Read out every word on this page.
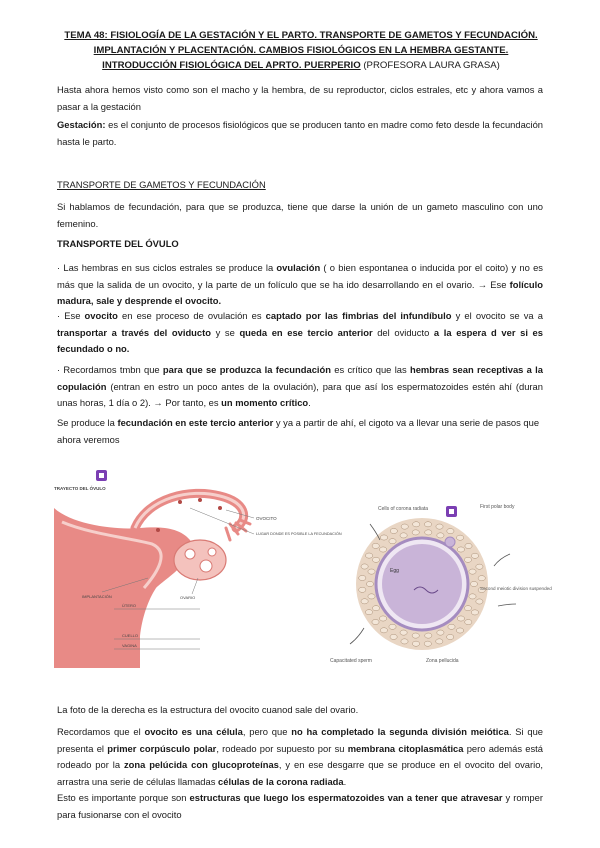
TEMA 48: FISIOLOGÍA DE LA GESTACIÓN Y EL PARTO. TRANSPORTE DE GAMETOS Y FECUNDACIÓN. IMPLANTACIÓN Y PLACENTACIÓN. CAMBIOS FISIOLÓGICOS EN LA HEMBRA GESTANTE. INTRODUCCIÓN FISIOLÓGICA DEL APRTO. PUERPERIO (PROFESORA LAURA GRASA)

Hasta ahora hemos visto como son el macho y la hembra, de su reproductor, ciclos estrales, etc y ahora vamos a pasar a la gestación

Gestación: es el conjunto de procesos fisiológicos que se producen tanto en madre como feto desde la fecundación hasta le parto.

TRANSPORTE DE GAMETOS Y FECUNDACIÓN

Si hablamos de fecundación, para que se produzca, tiene que darse la unión de un gameto masculino con uno femenino.

TRANSPORTE DEL ÓVULO

· Las hembras en sus ciclos estrales se produce la ovulación ( o bien espontanea o inducida por el coito) y no es más que la salida de un ovocito, y la parte de un folículo que se ha ido desarrollando en el ovario. → Ese folículo madura, sale y desprende el ovocito.

· Ese ovocito en ese proceso de ovulación es captado por las fimbrias del infundíbulo y el ovocito se va a transportar a través del oviducto y se queda en ese tercio anterior del oviducto a la espera d ver si es fecundado o no.

· Recordamos tmbn que para que se produzca la fecundación es crítico que las hembras sean receptivas a la copulación (entran en estro un poco antes de la ovulación), para que así los espermatozoides estén ahí (duran unas horas, 1 día o 2). → Por tanto, es un momento crítico.

Se produce la fecundación en este tercio anterior y ya a partir de ahí, el cigoto va a llevar una serie de pasos que ahora veremos

TRAYECTO DEL ÓVULO
OVOCITO
LUGAR DONDE ES POSIBLE LA FECUNDACIÓN
IMPLANTACIÓN	OVARIO
ÚTERO
CUELLO
VAGINA
Cells of corona radiata	First polar body
Egg
Second meiotic division suspended
Capacitated sperm	Zona pellucida

La foto de la derecha es la estructura del ovocito cuanod sale del ovario.

Recordamos que el ovocito es una célula, pero que no ha completado la segunda división meiótica. Si que presenta el primer corpúsculo polar, rodeado por supuesto por su membrana citoplasmática pero además está rodeado por la zona pelúcida con glucoproteínas, y en ese desgarre que se produce en el ovocito del ovario, arrastra una serie de células llamadas células de la corona radiada.

Esto es importante porque son estructuras que luego los espermatozoides van a tener que atravesar y romper para fusionarse con el ovocito
